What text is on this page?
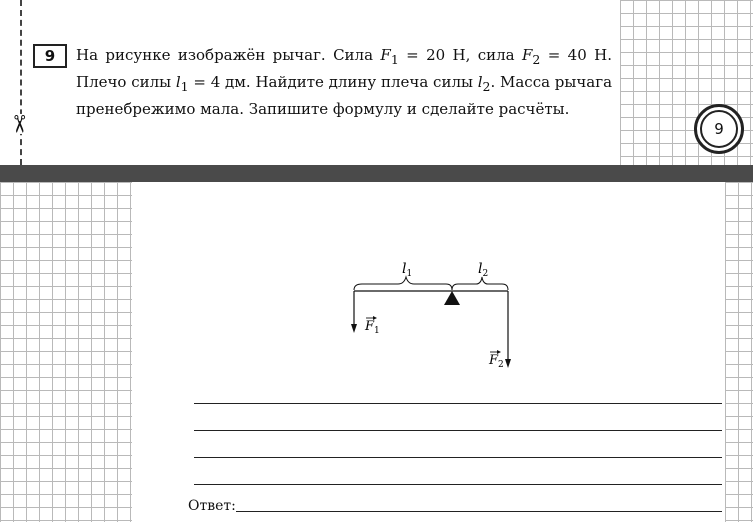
✂
9	На рисунке изображён рычаг. Сила $F_1 = 20$ Н, сила $F_2 = 40$ Н. Плечо силы $l_1 = 4$ дм. Найдите длину плеча силы $l_2$. Масса рычага пренебрежимо мала. Запишите формулу и сделайте расчёты.

9
$l_1$	$l_2$
$F_1$
$F_2$
Ответ:
